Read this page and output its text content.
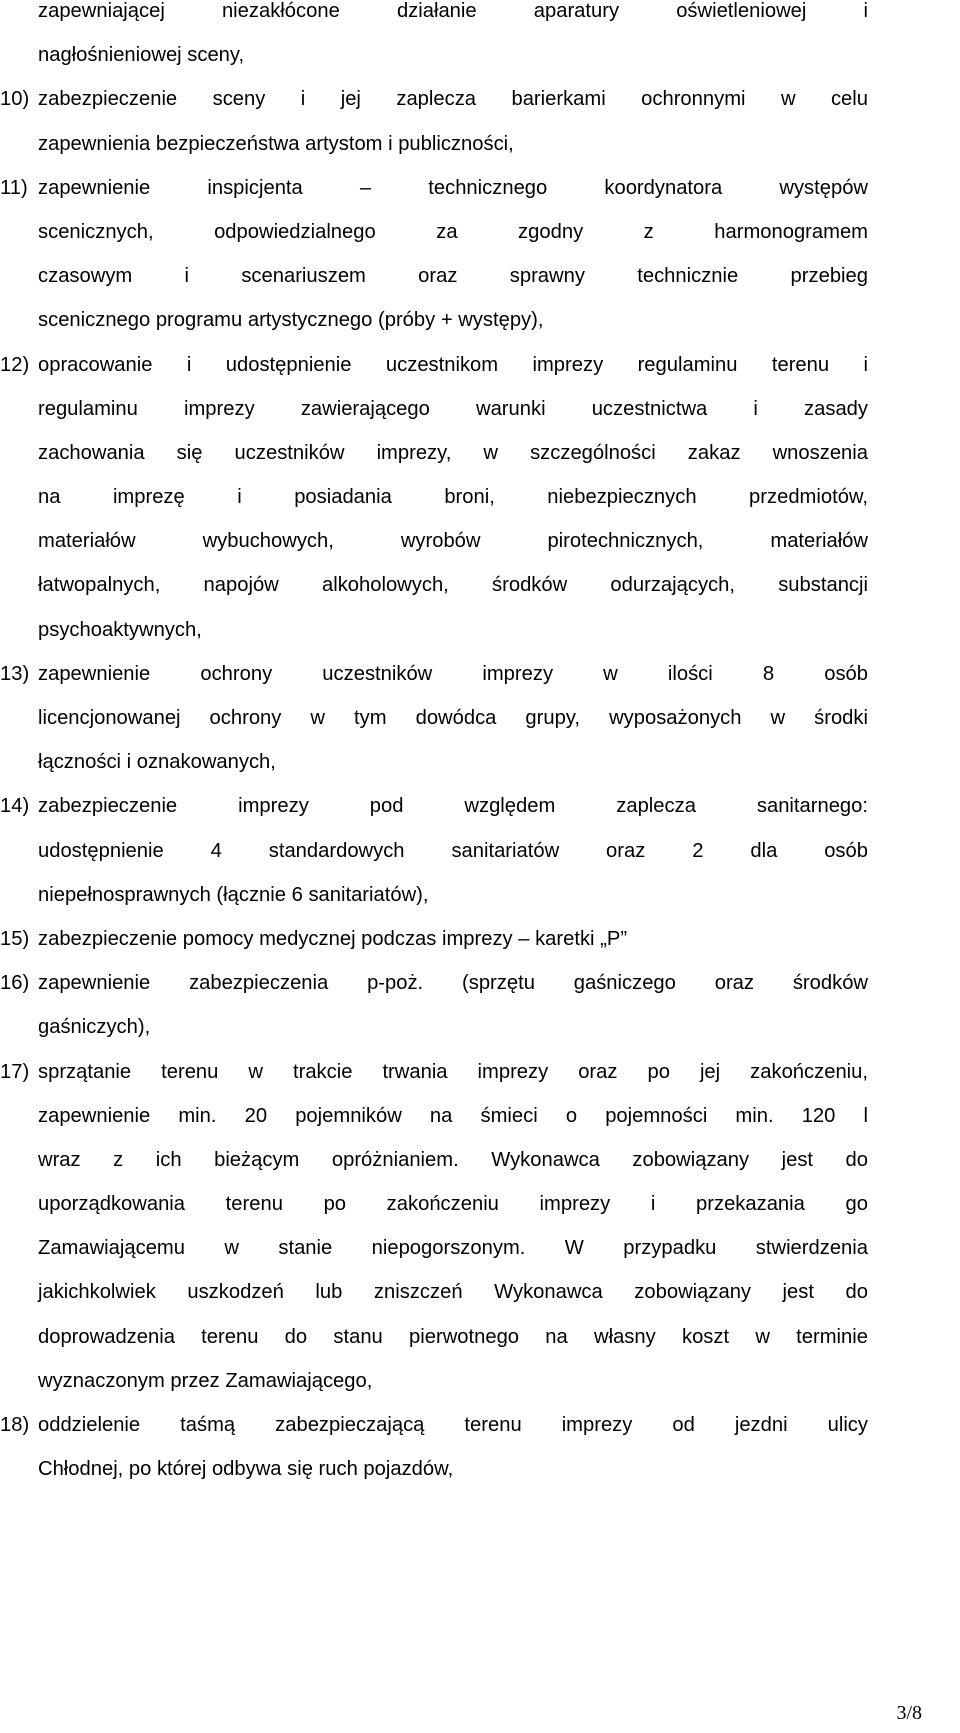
zapewniającej niezakłócone działanie aparatury oświetleniowej i
nagłośnieniowej sceny,
10) zabezpieczenie sceny i jej zaplecza barierkami ochronnymi w celu
zapewnienia bezpieczeństwa artystom i publiczności,
11) zapewnienie inspicjenta – technicznego koordynatora występów
scenicznych, odpowiedzialnego za zgodny z harmonogramem
czasowym i scenariuszem oraz sprawny technicznie przebieg
scenicznego programu artystycznego (próby + występy),
12) opracowanie i udostępnienie uczestnikom imprezy regulaminu terenu i
regulaminu imprezy zawierającego warunki uczestnictwa i zasady
zachowania się uczestników imprezy, w szczególności zakaz wnoszenia
na imprezę i posiadania broni, niebezpiecznych przedmiotów,
materiałów wybuchowych, wyrobów pirotechnicznych, materiałów
łatwopalnych, napojów alkoholowych, środków odurzających, substancji
psychoaktywnych,
13) zapewnienie ochrony uczestników imprezy w ilości 8 osób
licencjonowanej ochrony w tym dowódca grupy, wyposażonych w środki
łączności i oznakowanych,
14) zabezpieczenie imprezy pod względem zaplecza sanitarnego:
udostępnienie 4 standardowych sanitariatów oraz 2 dla osób
niepełnosprawnych (łącznie 6 sanitariatów),
15) zabezpieczenie pomocy medycznej podczas imprezy – karetki „P”
16) zapewnienie zabezpieczenia p-poż. (sprzętu gaśniczego oraz środków
gaśniczych),
17) sprzątanie terenu w trakcie trwania imprezy oraz po jej zakończeniu,
zapewnienie min. 20 pojemników na śmieci o pojemności min. 120 l
wraz z ich bieżącym opróżnianiem. Wykonawca zobowiązany jest do
uporządkowania terenu po zakończeniu imprezy i przekazania go
Zamawiającemu w stanie niepogorszonym. W przypadku stwierdzenia
jakichkolwiek uszkodzeń lub zniszczeń Wykonawca zobowiązany jest do
doprowadzenia terenu do stanu pierwotnego na własny koszt w terminie
wyznaczonym przez Zamawiającego,
18) oddzielenie taśmą zabezpieczającą terenu imprezy od jezdni ulicy
Chłodnej, po której odbywa się ruch pojazdów,
3/8
